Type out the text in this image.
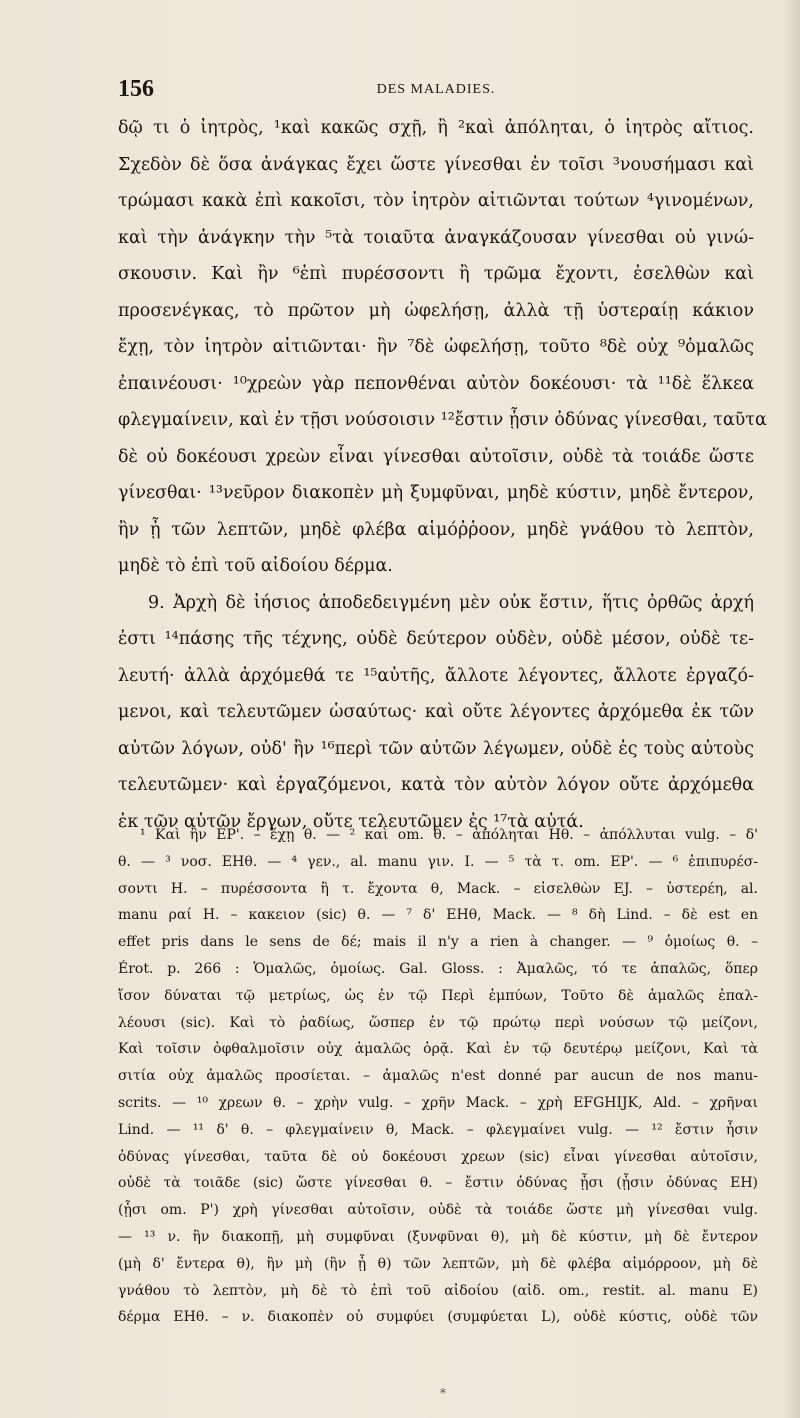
156	DES MALADIES.
δῷ τι ὁ ἰητρὸς, ¹καὶ κακῶς σχῇ, ἢ ²καὶ ἀπόληται, ὁ ἰητρὸς αἴτιος.
Σχεδὸν δὲ ὅσα ἀνάγκας ἔχει ὥστε γίνεσθαι ἐν τοῖσι ³νουσήμασι καὶ
τρώμασι κακὰ ἐπὶ κακοῖσι, τὸν ἰητρὸν αἰτιῶνται τούτων ⁴γινομένων,
καὶ τὴν ἀνάγκην τὴν ⁵τὰ τοιαῦτα ἀναγκάζουσαν γίνεσθαι οὐ γινώ-
σκουσιν. Καὶ ἢν ⁶ἐπὶ πυρέσσοντι ἢ τρῶμα ἔχοντι, ἐσελθὼν καὶ
προσενέγκας, τὸ πρῶτον μὴ ὠφελήσῃ, ἀλλὰ τῇ ὑστεραίῃ κάκιον
ἔχῃ, τὸν ἰητρὸν αἰτιῶνται· ἢν ⁷δὲ ὠφελήσῃ, τοῦτο ⁸δὲ οὐχ ⁹ὁμαλῶς
ἐπαινέουσι· ¹⁰χρεὼν γὰρ πεπονθέναι αὐτὸν δοκέουσι· τὰ ¹¹δὲ ἕλκεα
φλεγμαίνειν, καὶ ἐν τῇσι νούσοισιν ¹²ἔστιν ᾗσιν ὀδύνας γίνεσθαι, ταῦτα
δὲ οὐ δοκέουσι χρεὼν εἶναι γίνεσθαι αὐτοῖσιν, οὐδὲ τὰ τοιάδε ὥστε
γίνεσθαι· ¹³νεῦρον διακοπὲν μὴ ξυμφῦναι, μηδὲ κύστιν, μηδὲ ἔντερον,
ἢν ᾖ τῶν λεπτῶν, μηδὲ φλέβα αἱμόῤῥοον, μηδὲ γνάθου τὸ λεπτὸν,
μηδὲ τὸ ἐπὶ τοῦ αἰδοίου δέρμα.
9. Ἀρχὴ δὲ ἰήσιος ἀποδεδειγμένη μὲν οὐκ ἔστιν, ἥτις ὀρθῶς ἀρχή
ἐστι ¹⁴πάσης τῆς τέχνης, οὐδὲ δεύτερον οὐδὲν, οὐδὲ μέσον, οὐδὲ τε-
λευτή· ἀλλὰ ἀρχόμεθά τε ¹⁵αὐτῆς, ἄλλοτε λέγοντες, ἄλλοτε ἐργαζό-
μενοι, καὶ τελευτῶμεν ὡσαύτως· καὶ οὔτε λέγοντες ἀρχόμεθα ἐκ τῶν
αὐτῶν λόγων, οὐδ' ἢν ¹⁶περὶ τῶν αὐτῶν λέγωμεν, οὐδὲ ἐς τοὺς αὐτοὺς
τελευτῶμεν· καὶ ἐργαζόμενοι, κατὰ τὸν αὐτὸν λόγον οὔτε ἀρχόμεθα
ἐκ τῶν αὐτῶν ἔργων, οὔτε τελευτῶμεν ἐς ¹⁷τὰ αὐτά.
¹ Καὶ ἢν EP'. – ἔχῃ θ. — ² καὶ om. θ. – ἀπόληται Hθ. – ἀπόλλυται vulg. – δ'
θ. — ³ νοσ. EHθ. — ⁴ γεν., al. manu γιν. I. — ⁵ τὰ τ. om. EP'. — ⁶ ἐπιπυρέσ-
σοντι H. – πυρέσσοντα ἢ τ. ἔχοντα θ, Mack. – εἰσελθὼν EJ. – ὑστερέη, al.
manu ραί H. – κακειον (sic) θ. — ⁷ δ' EHθ, Mack. — ⁸ δὴ Lind. – δὲ est en
effet pris dans le sens de δέ; mais il n'y a rien à changer. — ⁹ ὁμοίως θ. –
Érot. p. 266 : Ὁμαλῶς, ὁμοίως. Gal. Gloss. : Ἀμαλῶς, τό τε ἁπαλῶς, ὅπερ
ἴσον δύναται τῷ μετρίως, ὡς ἐν τῷ Περὶ ἐμπύων, Τοῦτο δὲ ἀμαλῶς ἐπαλ-
λέουσι (sic). Καὶ τὸ ῥαδίως, ὥσπερ ἐν τῷ πρώτῳ περὶ νούσων τῷ μείζονι,
Καὶ τοῖσιν ὀφθαλμοῖσιν οὐχ ἀμαλῶς ὁρᾷ. Καὶ ἐν τῷ δευτέρῳ μείζονι, Καὶ τὰ
σιτία οὐχ ἀμαλῶς προσίεται. – ἀμαλῶς n'est donné par aucun de nos manu-
scrits. — ¹⁰ χρεων θ. – χρὴν vulg. – χρῆν Mack. – χρὴ EFGHIJK, Ald. – χρῆναι
Lind. — ¹¹ δ' θ. – φλεγμαίνειν θ, Mack. – φλεγμαίνει vulg. — ¹² ἔστιν ἧσιν
ὀδύνας γίνεσθαι, ταῦτα δὲ οὐ δοκέουσι χρεων (sic) εἶναι γίνεσθαι αὐτοῖσιν,
οὐδὲ τὰ τοιᾶδε (sic) ὥστε γίνεσθαι θ. – ἔστιν ὀδύνας ᾗσι (ᾗσιν ὀδύνας EH)
(ᾗσι om. P') χρὴ γίνεσθαι αὐτοῖσιν, οὐδὲ τὰ τοιάδε ὥστε μὴ γίνεσθαι vulg.
— ¹³ ν. ἢν διακοπῇ, μὴ συμφῦναι (ξυνφῦναι θ), μὴ δὲ κύστιν, μὴ δὲ ἔντερον
(μὴ δ' ἔντερα θ), ἢν μὴ (ἢν ᾖ θ) τῶν λεπτῶν, μὴ δὲ φλέβα αἱμόρροον, μὴ δὲ
γνάθου τὸ λεπτὸν, μὴ δὲ τὸ ἐπὶ τοῦ αἰδοίου (αἰδ. om., restit. al. manu E)
δέρμα EHθ. – ν. διακοπὲν οὐ συμφύει (συμφύεται L), οὐδὲ κύστις, οὐδὲ τῶν
*
